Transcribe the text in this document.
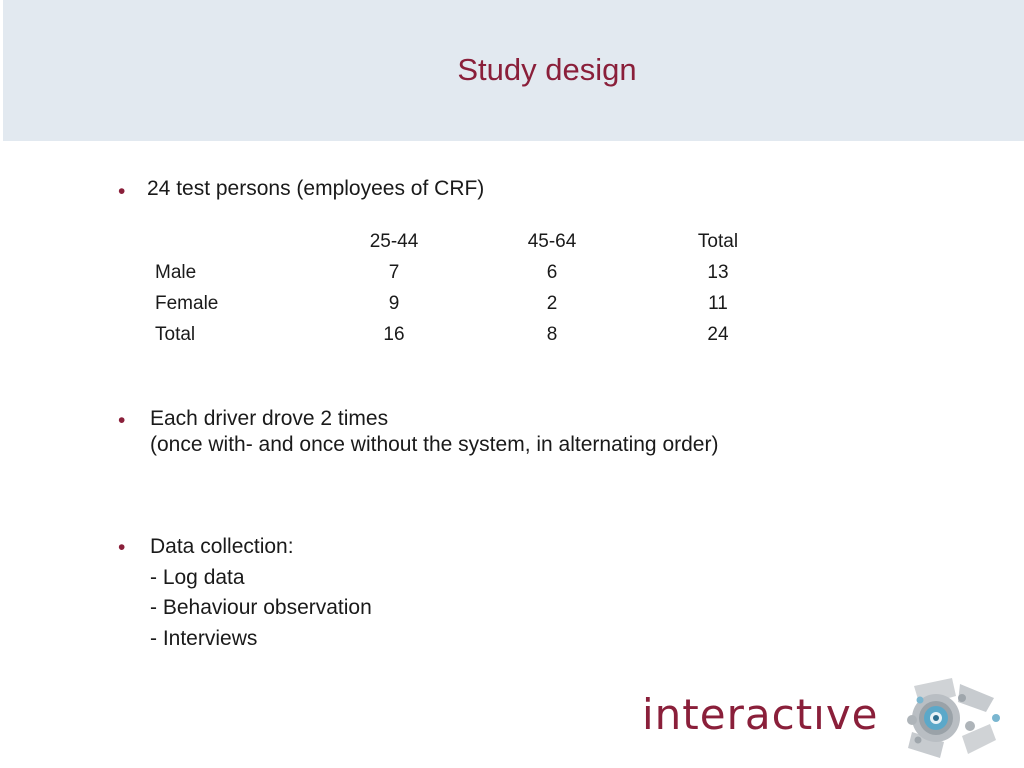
Study design
• 24 test persons (employees of CRF)
	25-44	45-64	Total
Male	7	6	13
Female	9	2	11
Total	16	8	24
• Each driver drove 2 times
(once with- and once without the system, in alternating order)
• Data collection:
- Log data
- Behaviour observation
- Interviews
interactıve
